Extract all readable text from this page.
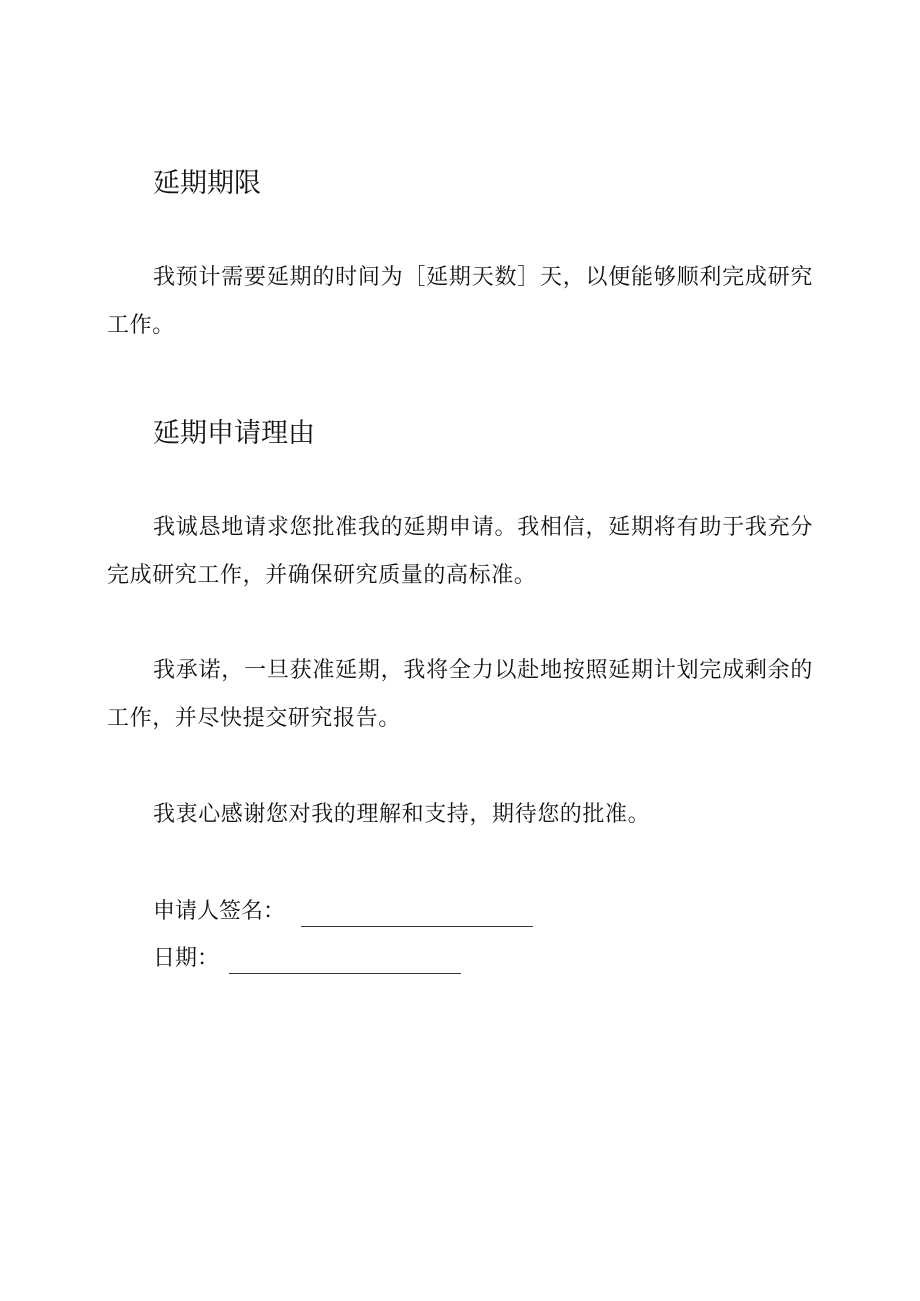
延期期限

我预计需要延期的时间为［延期天数］天，以便能够顺利完成研究工作。

延期申请理由

我诚恳地请求您批准我的延期申请。我相信，延期将有助于我充分完成研究工作，并确保研究质量的高标准。

我承诺，一旦获准延期，我将全力以赴地按照延期计划完成剩余的工作，并尽快提交研究报告。

我衷心感谢您对我的理解和支持，期待您的批准。

申请人签名：
日期：
